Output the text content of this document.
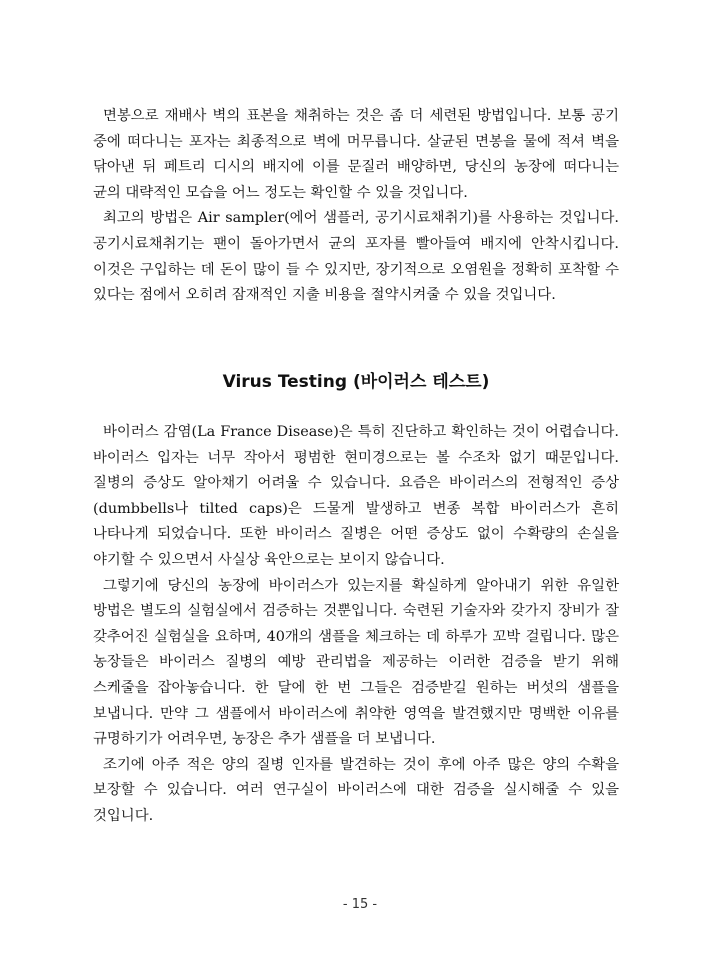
면봉으로 재배사 벽의 표본을 채취하는 것은 좀 더 세련된 방법입니다. 보통 공기 중에 떠다니는 포자는 최종적으로 벽에 머무릅니다. 살균된 면봉을 물에 적셔 벽을 닦아낸 뒤 페트리 디시의 배지에 이를 문질러 배양하면, 당신의 농장에 떠다니는 균의 대략적인 모습을 어느 정도는 확인할 수 있을 것입니다.

최고의 방법은 Air sampler(에어 샘플러, 공기시료채취기)를 사용하는 것입니다. 공기시료채취기는 팬이 돌아가면서 균의 포자를 빨아들여 배지에 안착시킵니다. 이것은 구입하는 데 돈이 많이 들 수 있지만, 장기적으로 오염원을 정확히 포착할 수 있다는 점에서 오히려 잠재적인 지출 비용을 절약시켜줄 수 있을 것입니다.

Virus Testing (바이러스 테스트)

바이러스 감염(La France Disease)은 특히 진단하고 확인하는 것이 어렵습니다. 바이러스 입자는 너무 작아서 평범한 현미경으로는 볼 수조차 없기 때문입니다. 질병의 증상도 알아채기 어려울 수 있습니다. 요즘은 바이러스의 전형적인 증상(dumbbells나 tilted caps)은 드물게 발생하고 변종 복합 바이러스가 흔히 나타나게 되었습니다. 또한 바이러스 질병은 어떤 증상도 없이 수확량의 손실을 야기할 수 있으면서 사실상 육안으로는 보이지 않습니다.

그렇기에 당신의 농장에 바이러스가 있는지를 확실하게 알아내기 위한 유일한 방법은 별도의 실험실에서 검증하는 것뿐입니다. 숙련된 기술자와 갖가지 장비가 잘 갖추어진 실험실을 요하며, 40개의 샘플을 체크하는 데 하루가 꼬박 걸립니다. 많은 농장들은 바이러스 질병의 예방 관리법을 제공하는 이러한 검증을 받기 위해 스케줄을 잡아놓습니다. 한 달에 한 번 그들은 검증받길 원하는 버섯의 샘플을 보냅니다. 만약 그 샘플에서 바이러스에 취약한 영역을 발견했지만 명백한 이유를 규명하기가 어려우면, 농장은 추가 샘플을 더 보냅니다.

조기에 아주 적은 양의 질병 인자를 발견하는 것이 후에 아주 많은 양의 수확을 보장할 수 있습니다. 여러 연구실이 바이러스에 대한 검증을 실시해줄 수 있을 것입니다.

- 15 -
